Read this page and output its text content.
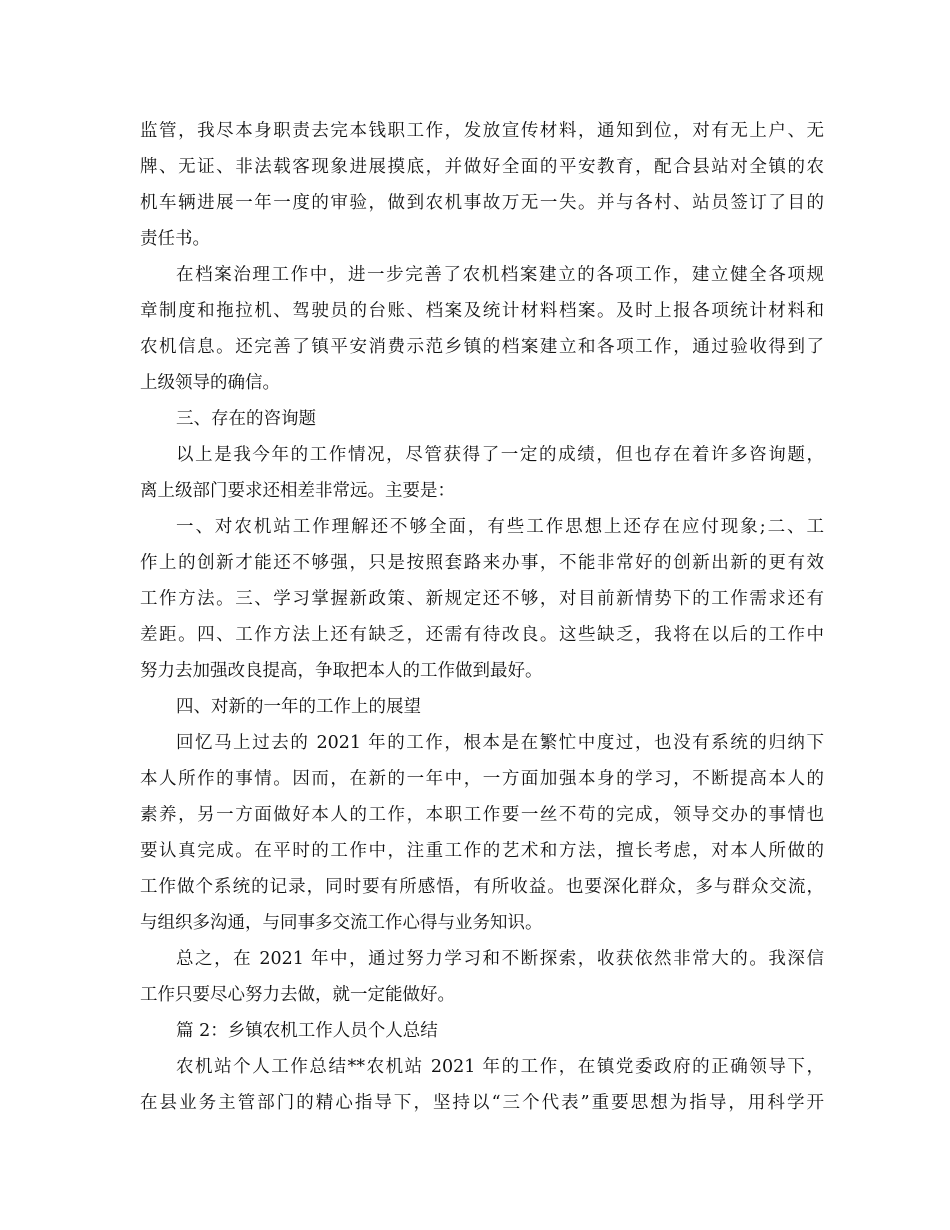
监管，我尽本身职责去完本钱职工作，发放宣传材料，通知到位，对有无上户、无
牌、无证、非法载客现象进展摸底，并做好全面的平安教育，配合县站对全镇的农
机车辆进展一年一度的审验，做到农机事故万无一失。并与各村、站员签订了目的
责任书。
在档案治理工作中，进一步完善了农机档案建立的各项工作，建立健全各项规
章制度和拖拉机、驾驶员的台账、档案及统计材料档案。及时上报各项统计材料和
农机信息。还完善了镇平安消费示范乡镇的档案建立和各项工作，通过验收得到了
上级领导的确信。
三、存在的咨询题
以上是我今年的工作情况，尽管获得了一定的成绩，但也存在着许多咨询题，
离上级部门要求还相差非常远。主要是：
一、对农机站工作理解还不够全面，有些工作思想上还存在应付现象;二、工
作上的创新才能还不够强，只是按照套路来办事，不能非常好的创新出新的更有效
工作方法。三、学习掌握新政策、新规定还不够，对目前新情势下的工作需求还有
差距。四、工作方法上还有缺乏，还需有待改良。这些缺乏，我将在以后的工作中
努力去加强改良提高，争取把本人的工作做到最好。
四、对新的一年的工作上的展望
回忆马上过去的 2021 年的工作，根本是在繁忙中度过，也没有系统的归纳下
本人所作的事情。因而，在新的一年中，一方面加强本身的学习，不断提高本人的
素养，另一方面做好本人的工作，本职工作要一丝不苟的完成，领导交办的事情也
要认真完成。在平时的工作中，注重工作的艺术和方法，擅长考虑，对本人所做的
工作做个系统的记录，同时要有所感悟，有所收益。也要深化群众，多与群众交流，
与组织多沟通，与同事多交流工作心得与业务知识。
总之，在 2021 年中，通过努力学习和不断探索，收获依然非常大的。我深信
工作只要尽心努力去做，就一定能做好。
篇 2：乡镇农机工作人员个人总结
农机站个人工作总结**农机站 2021 年的工作，在镇党委政府的正确领导下，
在县业务主管部门的精心指导下，坚持以“三个代表”重要思想为指导，用科学开
